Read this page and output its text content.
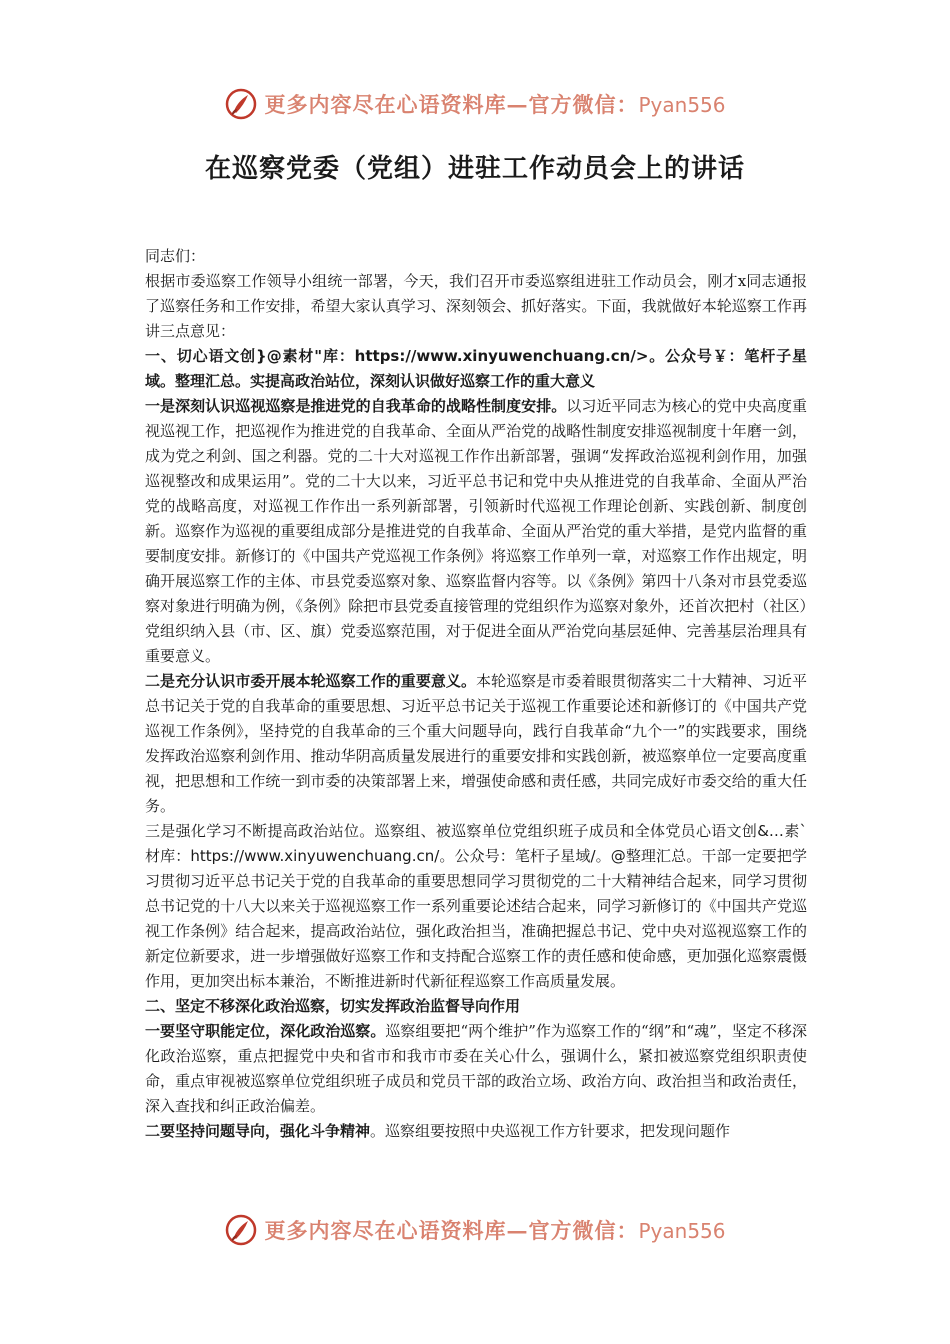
更多内容尽在心语资料库—官方微信：Pyan556
在巡察党委（党组）进驻工作动员会上的讲话

同志们：

根据市委巡察工作领导小组统一部署，今天，我们召开市委巡察组进驻工作动员会，刚才x同志通报了巡察任务和工作安排，希望大家认真学习、深刻领会、抓好落实。下面，我就做好本轮巡察工作再讲三点意见：

一、切心语文创}@素材"库：https://www.xinyuwenchuang.cn/>。公众号￥：笔杆子星域。整理汇总。实提高政治站位，深刻认识做好巡察工作的重大意义

一是深刻认识巡视巡察是推进党的自我革命的战略性制度安排。以习近平同志为核心的党中央高度重视巡视工作，把巡视作为推进党的自我革命、全面从严治党的战略性制度安排巡视制度十年磨一剑，成为党之利剑、国之利器。党的二十大对巡视工作作出新部署，强调“发挥政治巡视利剑作用，加强巡视整改和成果运用”。党的二十大以来，习近平总书记和党中央从推进党的自我革命、全面从严治党的战略高度，对巡视工作作出一系列新部署，引领新时代巡视工作理论创新、实践创新、制度创新。巡察作为巡视的重要组成部分是推进党的自我革命、全面从严治党的重大举措，是党内监督的重要制度安排。新修订的《中国共产党巡视工作条例》将巡察工作单列一章，对巡察工作作出规定，明确开展巡察工作的主体、市县党委巡察对象、巡察监督内容等。以《条例》第四十八条对市县党委巡察对象进行明确为例，《条例》除把市县党委直接管理的党组织作为巡察对象外，还首次把村（社区）党组织纳入县（市、区、旗）党委巡察范围，对于促进全面从严治党向基层延伸、完善基层治理具有重要意义。

二是充分认识市委开展本轮巡察工作的重要意义。本轮巡察是市委着眼贯彻落实二十大精神、习近平总书记关于党的自我革命的重要思想、习近平总书记关于巡视工作重要论述和新修订的《中国共产党巡视工作条例》，坚持党的自我革命的三个重大问题导向，践行自我革命“九个一”的实践要求，围绕发挥政治巡察利剑作用、推动华阴高质量发展进行的重要安排和实践创新，被巡察单位一定要高度重视，把思想和工作统一到市委的决策部署上来，增强使命感和责任感，共同完成好市委交给的重大任务。

三是强化学习不断提高政治站位。巡察组、被巡察单位党组织班子成员和全体党员心语文创&…素`材库：https://www.xinyuwenchuang.cn/。公众号：笔杆子星域/。@整理汇总。干部一定要把学习贯彻习近平总书记关于党的自我革命的重要思想同学习贯彻党的二十大精神结合起来，同学习贯彻总书记党的十八大以来关于巡视巡察工作一系列重要论述结合起来，同学习新修订的《中国共产党巡视工作条例》结合起来，提高政治站位，强化政治担当，准确把握总书记、党中央对巡视巡察工作的新定位新要求，进一步增强做好巡察工作和支持配合巡察工作的责任感和使命感，更加强化巡察震慑作用，更加突出标本兼治，不断推进新时代新征程巡察工作高质量发展。

二、坚定不移深化政治巡察，切实发挥政治监督导向作用

一要坚守职能定位，深化政治巡察。巡察组要把“两个维护”作为巡察工作的“纲”和“魂”，坚定不移深化政治巡察，重点把握党中央和省市和我市市委在关心什么，强调什么，紧扣被巡察党组织职责使命，重点审视被巡察单位党组织班子成员和党员干部的政治立场、政治方向、政治担当和政治责任，深入查找和纠正政治偏差。

二要坚持问题导向，强化斗争精神。巡察组要按照中央巡视工作方针要求，把发现问题作

更多内容尽在心语资料库—官方微信：Pyan556
